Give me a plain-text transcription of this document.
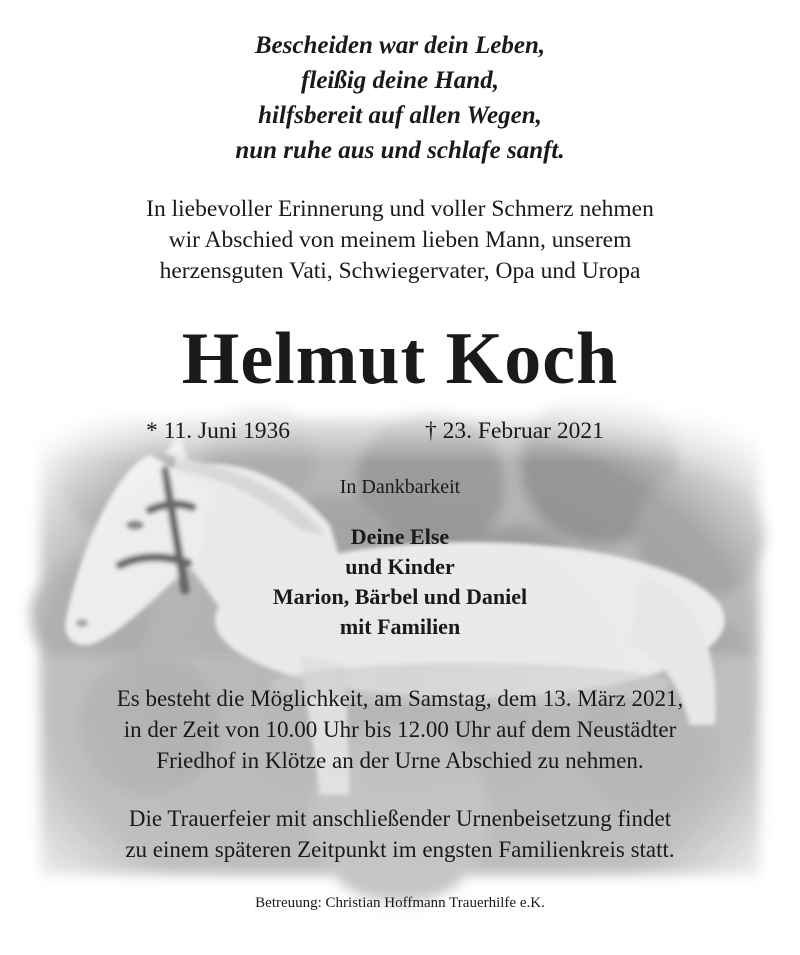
Bescheiden war dein Leben,
fleißig deine Hand,
hilfsbereit auf allen Wegen,
nun ruhe aus und schlafe sanft.
In liebevoller Erinnerung und voller Schmerz nehmen
wir Abschied von meinem lieben Mann, unserem
herzensguten Vati, Schwiegervater, Opa und Uropa
Helmut Koch
* 11. Juni 1936	† 23. Februar 2021
In Dankbarkeit
Deine Else
und Kinder
Marion, Bärbel und Daniel
mit Familien
Es besteht die Möglichkeit, am Samstag, dem 13. März 2021,
in der Zeit von 10.00 Uhr bis 12.00 Uhr auf dem Neustädter
Friedhof in Klötze an der Urne Abschied zu nehmen.
Die Trauerfeier mit anschließender Urnenbeisetzung findet
zu einem späteren Zeitpunkt im engsten Familienkreis statt.
Betreuung: Christian Hoffmann Trauerhilfe e.K.
